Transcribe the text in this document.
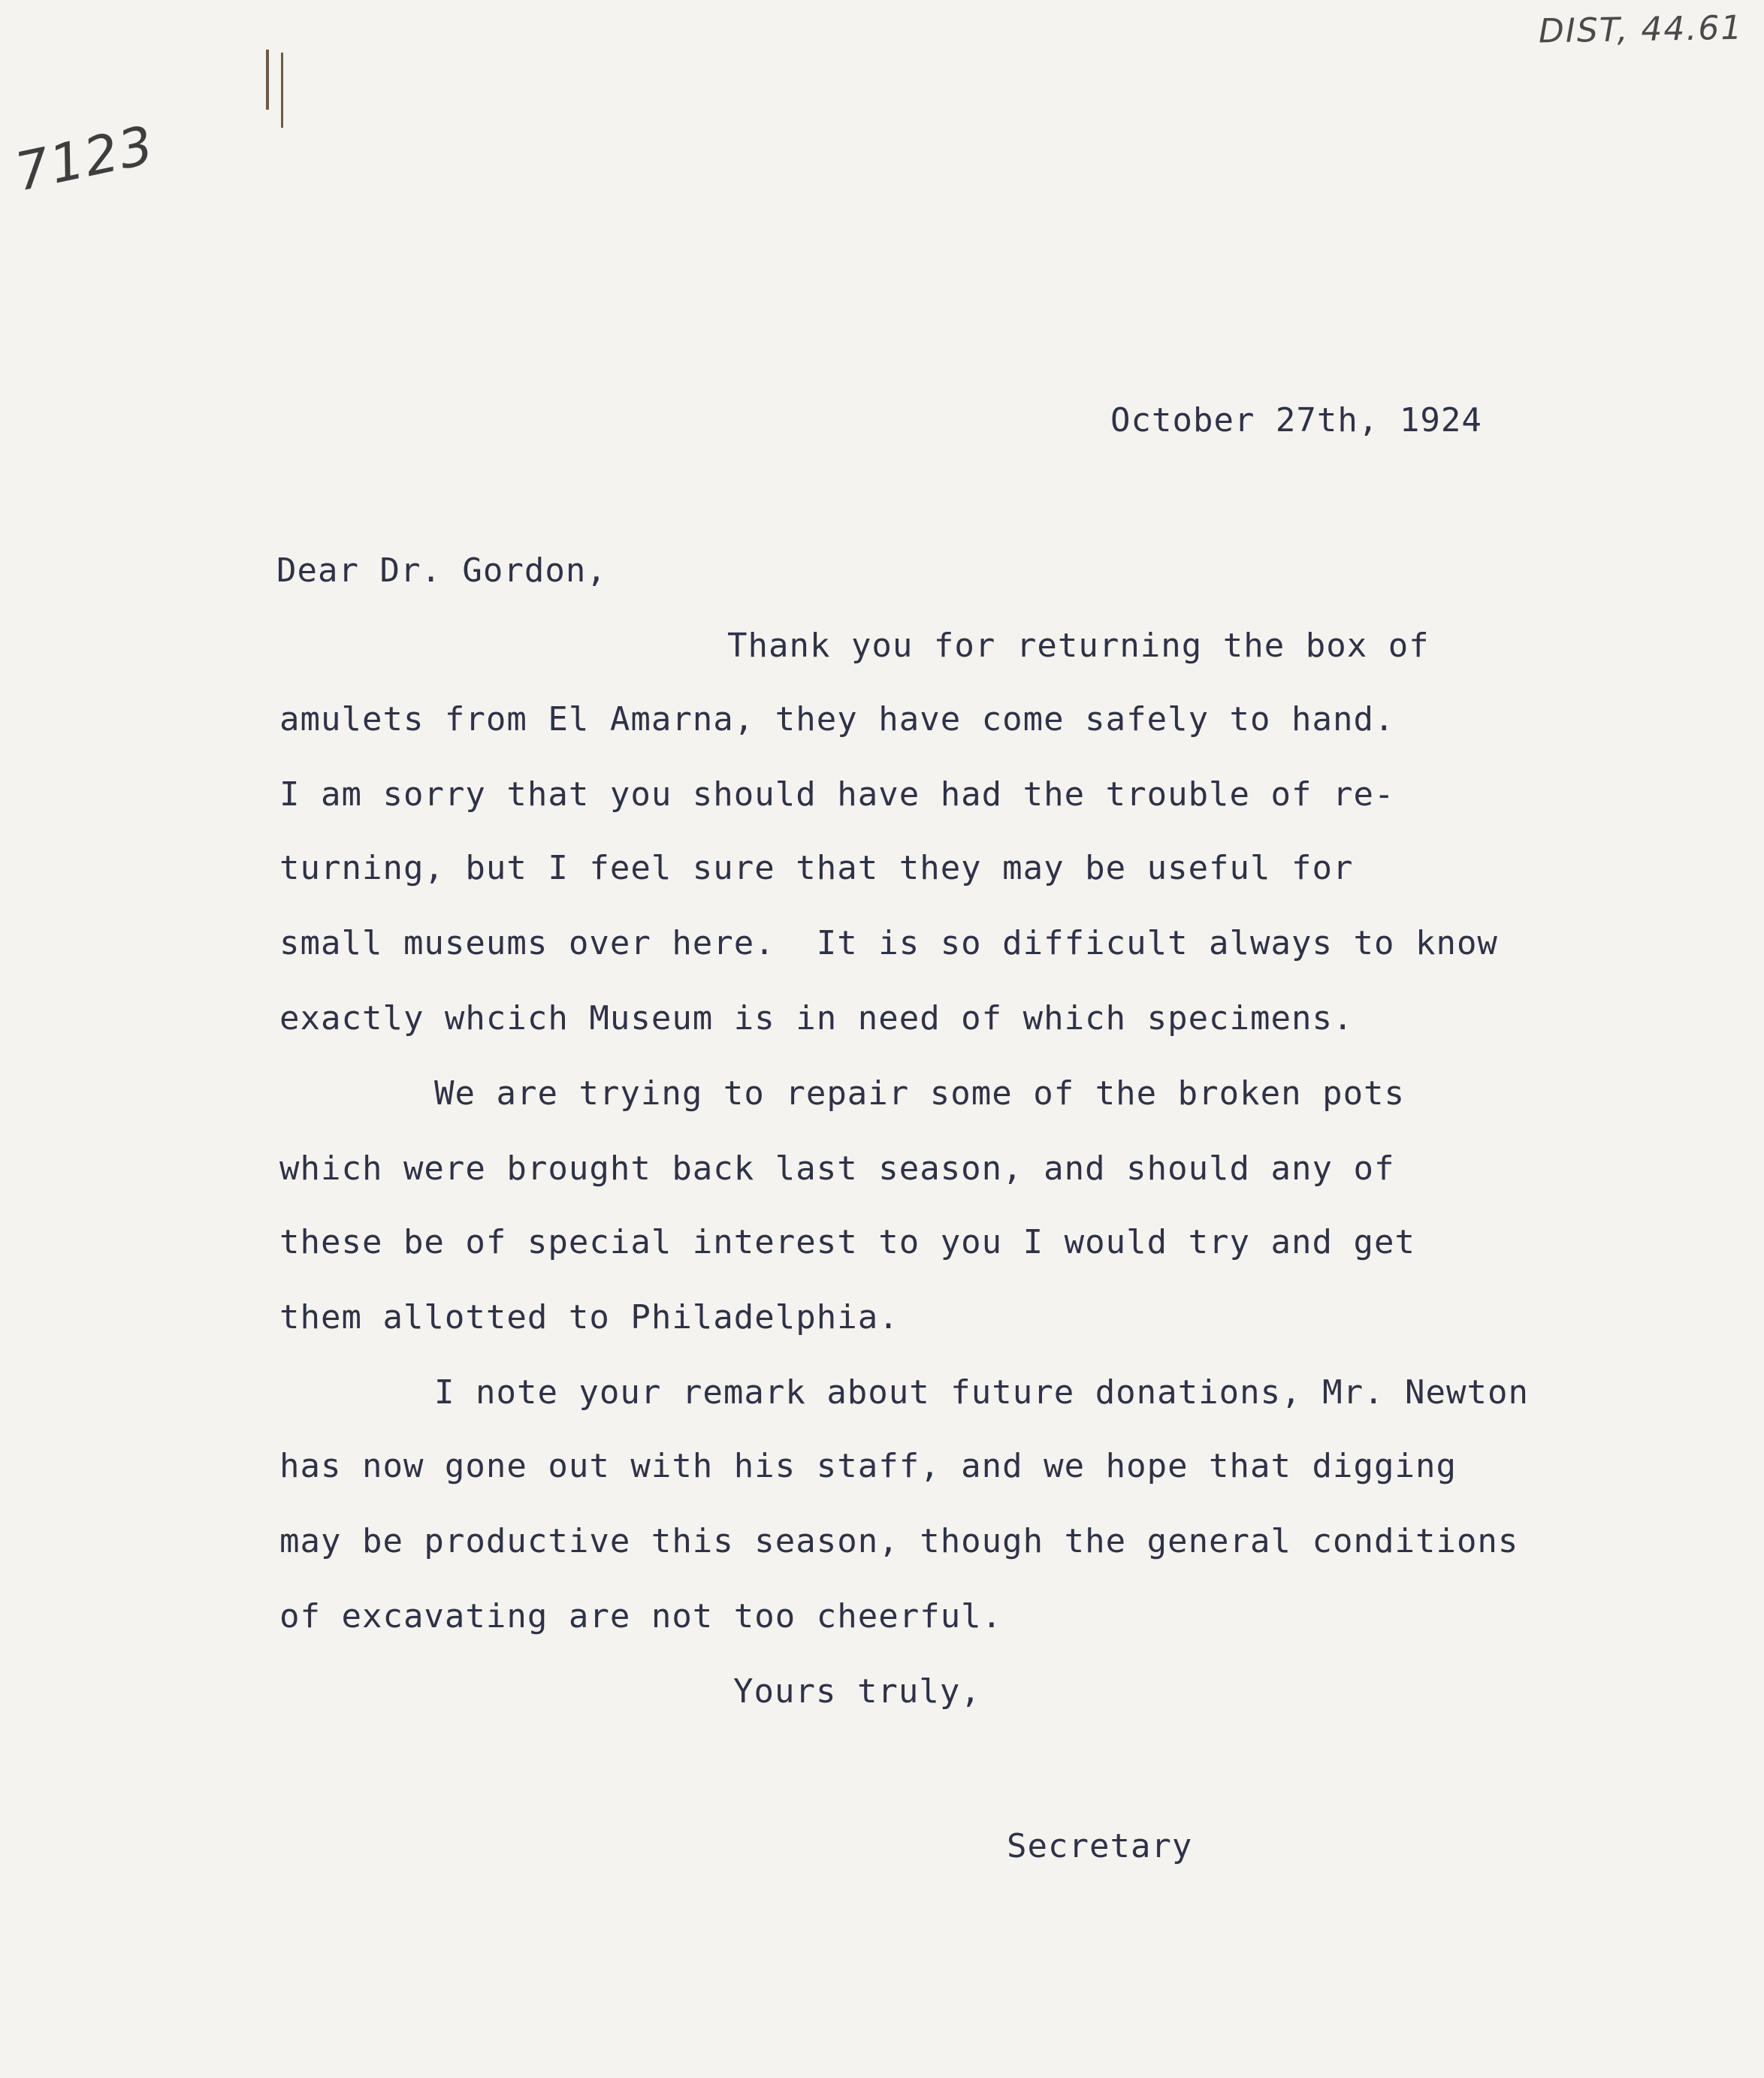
DIST, 44.61
7123
October 27th, 1924
Dear Dr. Gordon,
Thank you for returning the box of
amulets from El Amarna, they have come safely to hand.
I am sorry that you should have had the trouble of re-
turning, but I feel sure that they may be useful for
small museums over here.  It is so difficult always to know
exactly whcich Museum is in need of which specimens.
We are trying to repair some of the broken pots
which were brought back last season, and should any of
these be of special interest to you I would try and get
them allotted to Philadelphia.
I note your remark about future donations, Mr. Newton
has now gone out with his staff, and we hope that digging
may be productive this season, though the general conditions
of excavating are not too cheerful.
Yours truly,
Secretary
